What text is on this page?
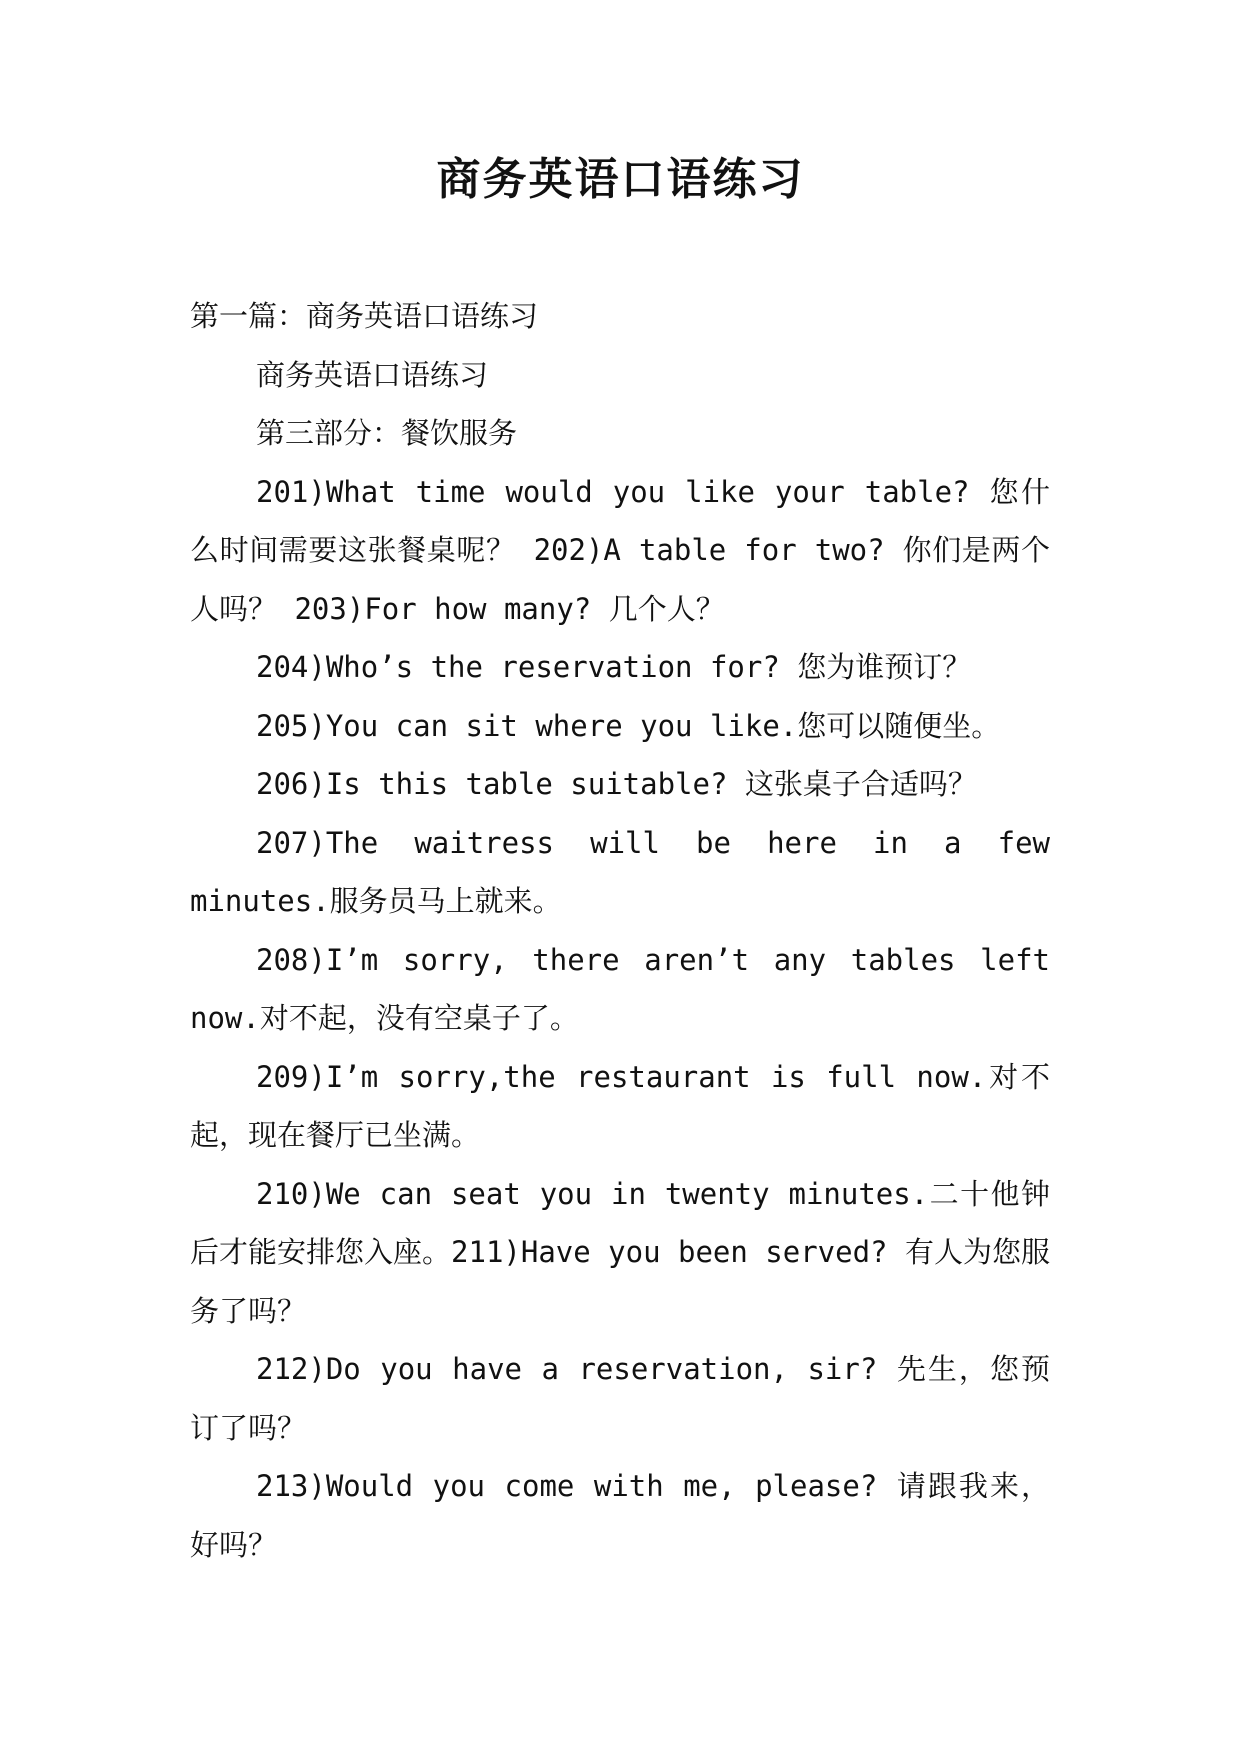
商务英语口语练习

第一篇：商务英语口语练习

商务英语口语练习

第三部分：餐饮服务

201)What time would you like your table? 您什么时间需要这张餐桌呢？ 202)A table for two? 你们是两个人吗？ 203)For how many? 几个人？

204)Who’s the reservation for? 您为谁预订？

205)You can sit where you like.您可以随便坐。

206)Is this table suitable? 这张桌子合适吗？

207)The waitress will be here in a few minutes.服务员马上就来。

208)I’m sorry, there aren’t any tables left now.对不起，没有空桌子了。

209)I’m sorry,the restaurant is full now.对不起，现在餐厅已坐满。

210)We can seat you in twenty minutes.二十他钟后才能安排您入座。211)Have you been served? 有人为您服务了吗？

212)Do you have a reservation, sir? 先生，您预订了吗？

213)Would you come with me, please? 请跟我来，好吗？
